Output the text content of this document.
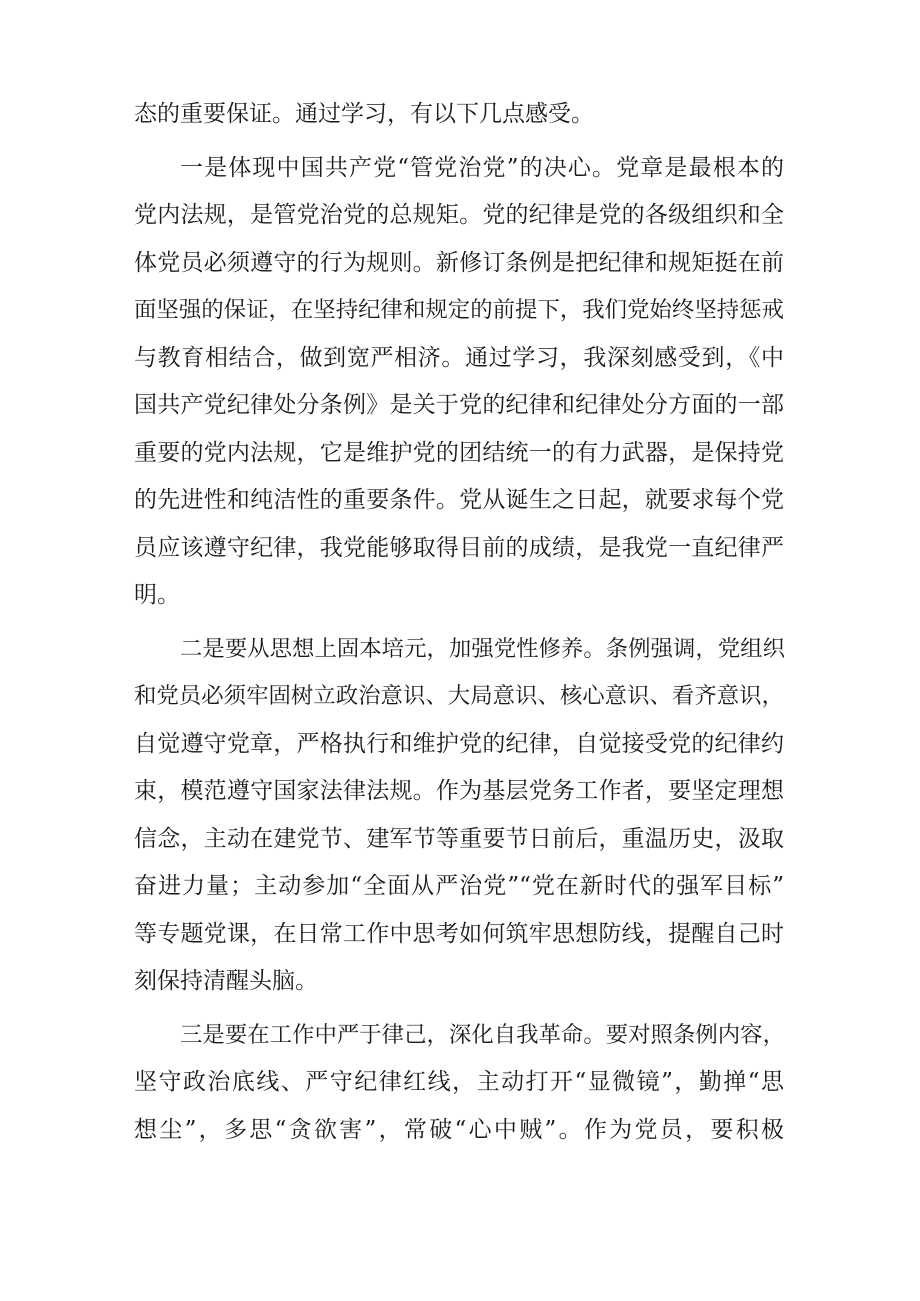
态的重要保证。通过学习，有以下几点感受。
一是体现中国共产党“管党治党”的决心。党章是最根本的
党内法规，是管党治党的总规矩。党的纪律是党的各级组织和全
体党员必须遵守的行为规则。新修订条例是把纪律和规矩挺在前
面坚强的保证，在坚持纪律和规定的前提下，我们党始终坚持惩戒
与教育相结合，做到宽严相济。通过学习，我深刻感受到，《中
国共产党纪律处分条例》是关于党的纪律和纪律处分方面的一部
重要的党内法规，它是维护党的团结统一的有力武器，是保持党
的先进性和纯洁性的重要条件。党从诞生之日起，就要求每个党
员应该遵守纪律，我党能够取得目前的成绩，是我党一直纪律严
明。
二是要从思想上固本培元，加强党性修养。条例强调，党组织
和党员必须牢固树立政治意识、大局意识、核心意识、看齐意识，
自觉遵守党章，严格执行和维护党的纪律，自觉接受党的纪律约
束，模范遵守国家法律法规。作为基层党务工作者，要坚定理想
信念，主动在建党节、建军节等重要节日前后，重温历史，汲取
奋进力量；主动参加“全面从严治党”“党在新时代的强军目标”
等专题党课，在日常工作中思考如何筑牢思想防线，提醒自己时
刻保持清醒头脑。
三是要在工作中严于律己，深化自我革命。要对照条例内容，
坚守政治底线、严守纪律红线，主动打开“显微镜”，勤掸“思
想尘”，多思“贪欲害”，常破“心中贼”。作为党员，要积极
